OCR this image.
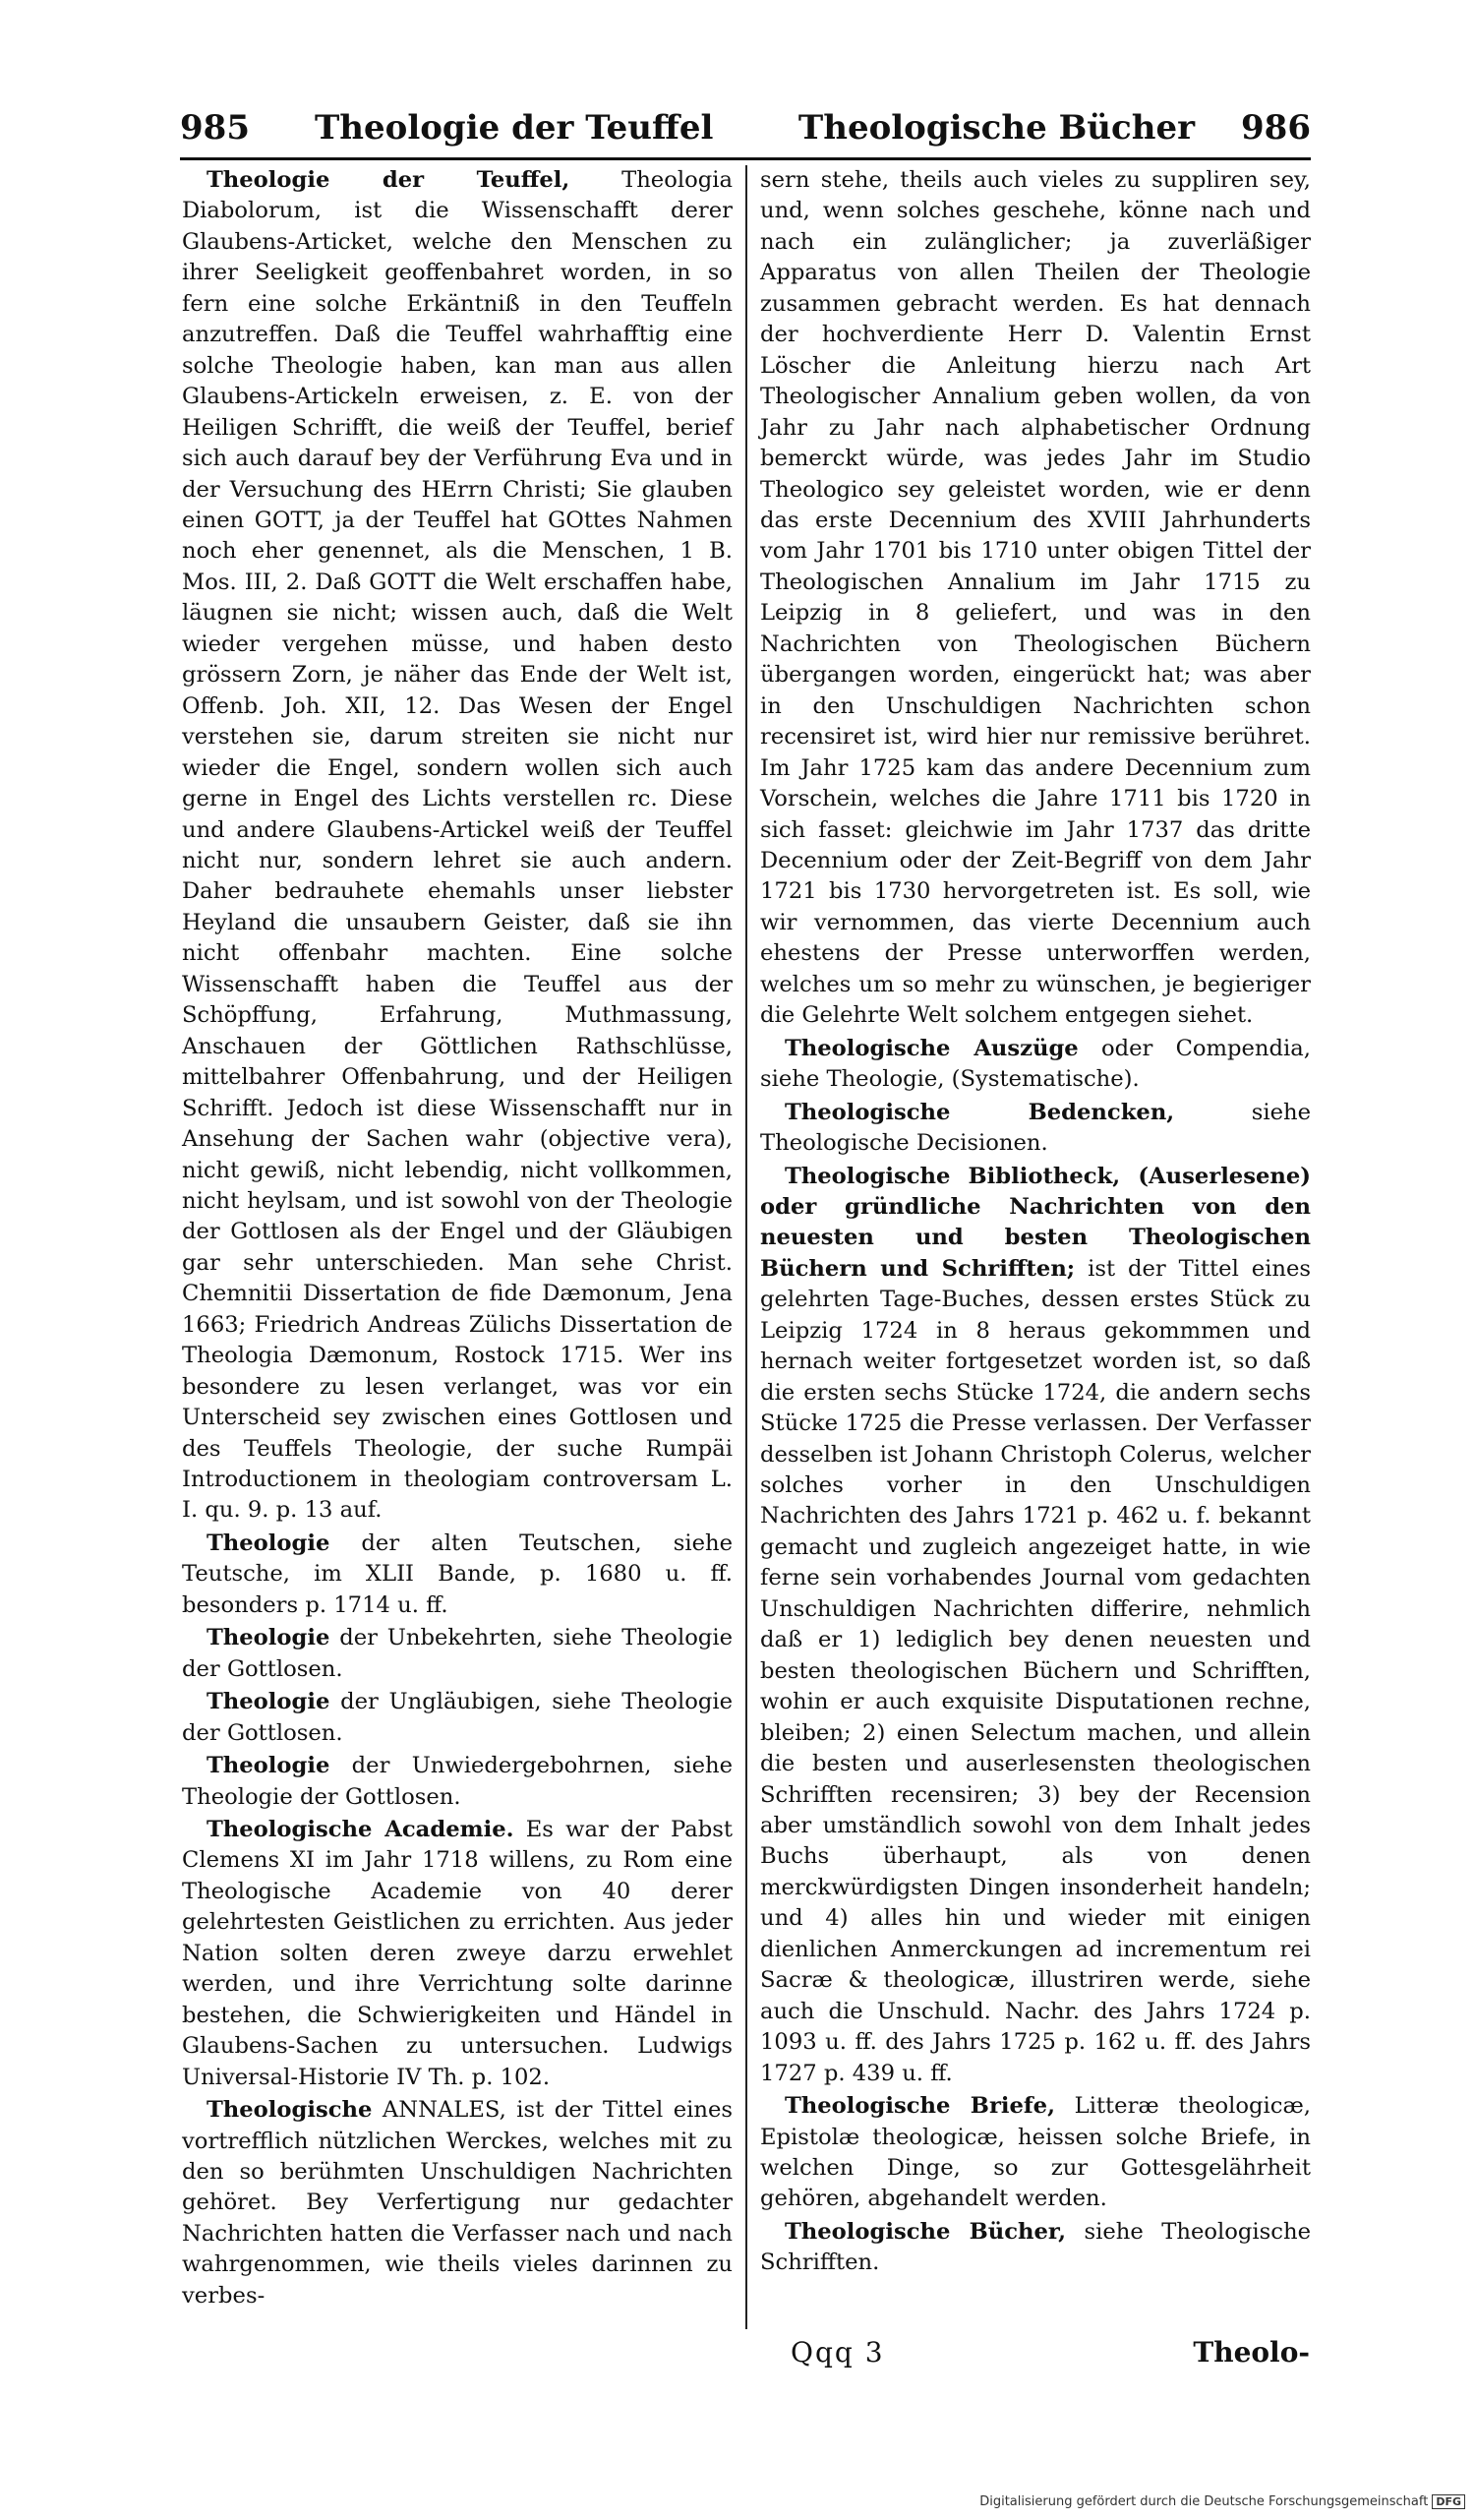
985 Theologie der Teuffel	Theologische Bücher 986

Theologie der Teuffel, Theologia Diabolorum, ist die Wissenschafft derer Glaubens-Articket, welche den Menschen zu ihrer Seeligkeit geoffenbahret worden, in so fern eine solche Erkäntniß in den Teuffeln anzutreffen. Daß die Teuffel wahrhafftig eine solche Theologie haben, kan man aus allen Glaubens-Artickeln erweisen, z. E. von der Heiligen Schrifft, die weiß der Teuffel, berief sich auch darauf bey der Verführung Eva und in der Versuchung des HErrn Christi; Sie glauben einen GOTT, ja der Teuffel hat GOttes Nahmen noch eher genennet, als die Menschen, 1 B. Mos. III, 2. Daß GOTT die Welt erschaffen habe, läugnen sie nicht; wissen auch, daß die Welt wieder vergehen müsse, und haben desto grössern Zorn, je näher das Ende der Welt ist, Offenb. Joh. XII, 12. Das Wesen der Engel verstehen sie, darum streiten sie nicht nur wieder die Engel, sondern wollen sich auch gerne in Engel des Lichts verstellen rc. Diese und andere Glaubens-Artickel weiß der Teuffel nicht nur, sondern lehret sie auch andern. Daher bedrauhete ehemahls unser liebster Heyland die unsaubern Geister, daß sie ihn nicht offenbahr machten. Eine solche Wissenschafft haben die Teuffel aus der Schöpffung, Erfahrung, Muthmassung, Anschauen der Göttlichen Rathschlüsse, mittelbahrer Offenbahrung, und der Heiligen Schrifft. Jedoch ist diese Wissenschafft nur in Ansehung der Sachen wahr (objective vera), nicht gewiß, nicht lebendig, nicht vollkommen, nicht heylsam, und ist sowohl von der Theologie der Gottlosen als der Engel und der Gläubigen gar sehr unterschieden. Man sehe Christ. Chemnitii Dissertation de fide Dæmonum, Jena 1663; Friedrich Andreas Zülichs Dissertation de Theologia Dæmonum, Rostock 1715. Wer ins besondere zu lesen verlanget, was vor ein Unterscheid sey zwischen eines Gottlosen und des Teuffels Theologie, der suche Rumpäi Introductionem in theologiam controversam L. I. qu. 9. p. 13 auf.

Theologie der alten Teutschen, siehe Teutsche, im XLII Bande, p. 1680 u. ff. besonders p. 1714 u. ff.

Theologie der Unbekehrten, siehe Theologie der Gottlosen.

Theologie der Ungläubigen, siehe Theologie der Gottlosen.

Theologie der Unwiedergebohrnen, siehe Theologie der Gottlosen.

Theologische Academie. Es war der Pabst Clemens XI im Jahr 1718 willens, zu Rom eine Theologische Academie von 40 derer gelehrtesten Geistlichen zu errichten. Aus jeder Nation solten deren zweye darzu erwehlet werden, und ihre Verrichtung solte darinne bestehen, die Schwierigkeiten und Händel in Glaubens-Sachen zu untersuchen. Ludwigs Universal-Historie IV Th. p. 102.

Theologische ANNALES, ist der Tittel eines vortrefflich nützlichen Werckes, welches mit zu den so berühmten Unschuldigen Nachrichten gehöret. Bey Verfertigung nur gedachter Nachrichten hatten die Verfasser nach und nach wahrgenommen, wie theils vieles darinnen zu verbes-

sern stehe, theils auch vieles zu suppliren sey, und, wenn solches geschehe, könne nach und nach ein zulänglicher; ja zuverläßiger Apparatus von allen Theilen der Theologie zusammen gebracht werden. Es hat dennach der hochverdiente Herr D. Valentin Ernst Löscher die Anleitung hierzu nach Art Theologischer Annalium geben wollen, da von Jahr zu Jahr nach alphabetischer Ordnung bemerckt würde, was jedes Jahr im Studio Theologico sey geleistet worden, wie er denn das erste Decennium des XVIII Jahrhunderts vom Jahr 1701 bis 1710 unter obigen Tittel der Theologischen Annalium im Jahr 1715 zu Leipzig in 8 geliefert, und was in den Nachrichten von Theologischen Büchern übergangen worden, eingerückt hat; was aber in den Unschuldigen Nachrichten schon recensiret ist, wird hier nur remissive berühret. Im Jahr 1725 kam das andere Decennium zum Vorschein, welches die Jahre 1711 bis 1720 in sich fasset: gleichwie im Jahr 1737 das dritte Decennium oder der Zeit-Begriff von dem Jahr 1721 bis 1730 hervorgetreten ist. Es soll, wie wir vernommen, das vierte Decennium auch ehestens der Presse unterworffen werden, welches um so mehr zu wünschen, je begieriger die Gelehrte Welt solchem entgegen siehet.

Theologische Auszüge oder Compendia, siehe Theologie, (Systematische).

Theologische Bedencken, siehe Theologische Decisionen.

Theologische Bibliotheck, (Auserlesene) oder gründliche Nachrichten von den neuesten und besten Theologischen Büchern und Schrifften; ist der Tittel eines gelehrten Tage-Buches, dessen erstes Stück zu Leipzig 1724 in 8 heraus gekommmen und hernach weiter fortgesetzet worden ist, so daß die ersten sechs Stücke 1724, die andern sechs Stücke 1725 die Presse verlassen. Der Verfasser desselben ist Johann Christoph Colerus, welcher solches vorher in den Unschuldigen Nachrichten des Jahrs 1721 p. 462 u. f. bekannt gemacht und zugleich angezeiget hatte, in wie ferne sein vorhabendes Journal vom gedachten Unschuldigen Nachrichten differire, nehmlich daß er 1) lediglich bey denen neuesten und besten theologischen Büchern und Schrifften, wohin er auch exquisite Disputationen rechne, bleiben; 2) einen Selectum machen, und allein die besten und auserlesensten theologischen Schrifften recensiren; 3) bey der Recension aber umständlich sowohl von dem Inhalt jedes Buchs überhaupt, als von denen merckwürdigsten Dingen insonderheit handeln; und 4) alles hin und wieder mit einigen dienlichen Anmerckungen ad incrementum rei Sacræ & theologicæ, illustriren werde, siehe auch die Unschuld. Nachr. des Jahrs 1724 p. 1093 u. ff. des Jahrs 1725 p. 162 u. ff. des Jahrs 1727 p. 439 u. ff.

Theologische Briefe, Litteræ theologicæ, Epistolæ theologicæ, heissen solche Briefe, in welchen Dinge, so zur Gottesgelährheit gehören, abgehandelt werden.

Theologische Bücher, siehe Theologische Schrifften.

Qqq 3	Theolo-
Digitalisierung gefördert durch die Deutsche Forschungsgemeinschaft DFG
